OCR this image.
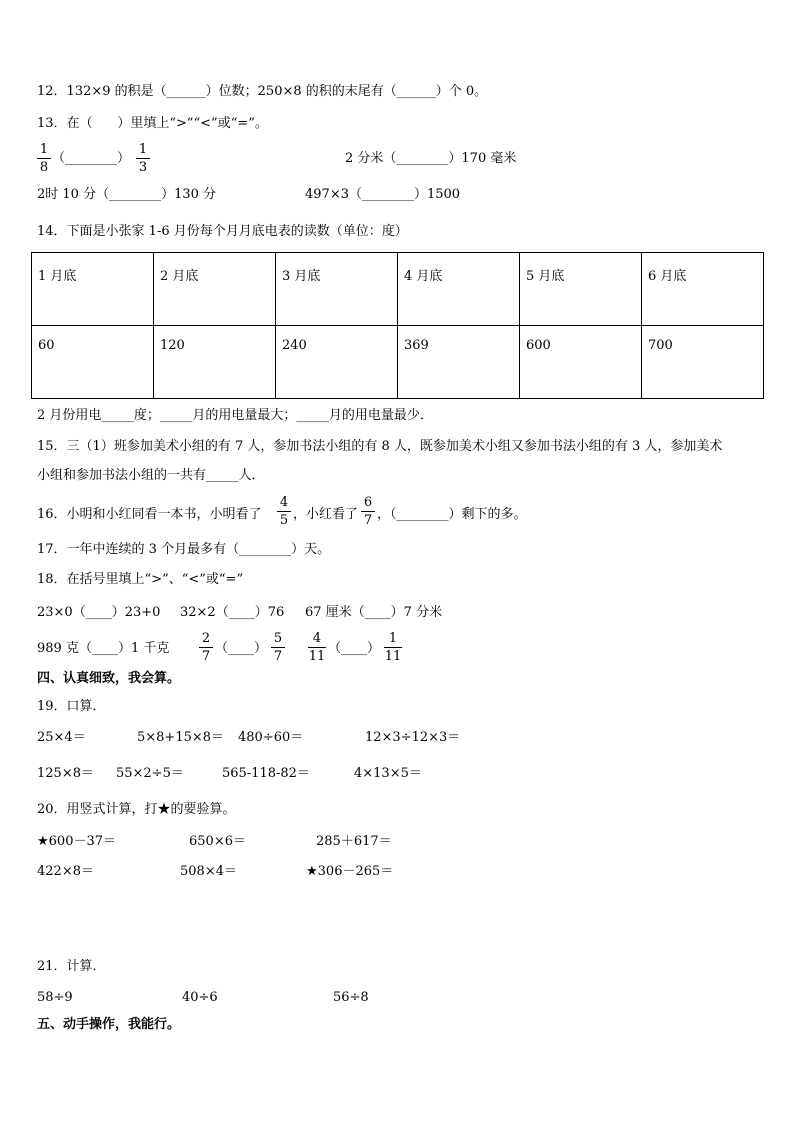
12．132×9 的积是（______）位数；250×8 的积的末尾有（______）个 0。
13．在（      ）里填上“>”“<”或“=”。
1
8
（________）
1
3
2 分米（________）170 毫米
2时 10 分（________）130 分	497×3（________）1500
14．下面是小张家 1-6 月份每个月月底电表的读数（单位：度）
1 月底	2 月底	3 月底	4 月底	5 月底	6 月底
60	120	240	369	600	700
2 月份用电_____度；_____月的用电量最大；_____月的用电量最少．
15．三（1）班参加美术小组的有 7 人，参加书法小组的有 8 人，既参加美术小组又参加书法小组的有 3 人，参加美术
小组和参加书法小组的一共有_____人．
16．小明和小红同看一本书，小明看了
4
5 ，小红看了
6
7 ，（________）剩下的多。
17．一年中连续的 3 个月最多有（________）天。
18．在括号里填上“>”、“<”或“=”
23×0（____）23+0 32×2（____）76 67 厘米（____）7 分米
989 克（____）1 千克
2
7
（____）
5
7
4
11
（____）
1
11
四、认真细致，我会算。
19．口算．
25×4＝	5×8+15×8＝ 480÷60＝	12×3÷12×3＝
125×8＝ 55×2÷5＝	565-118-82＝	4×13×5＝
20．用竖式计算，打★的要验算。
★600－37＝	650×6＝	285＋617＝
422×8＝	508×4＝	★306－265＝
21．计算．
58÷9	40÷6	56÷8
五、动手操作，我能行。
